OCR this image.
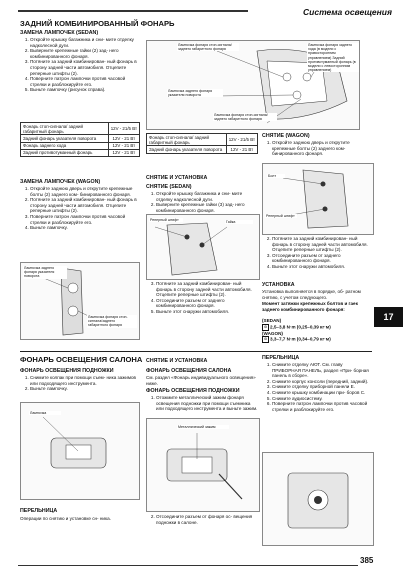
Система освещения
ЗАДНИЙ КОМБИНИРОВАННЫЙ ФОНАРЬ
ЗАМЕНА ЛАМПОЧЕК (SEDAN)
1. Откройте крышку багажника и сни- мите отделку надколесной дуги.
2. Выверните крепежные гайки (2) зад- него комбинированного фонаря.
3. Потяните за задний комбинирован- ный фонарь в сторону задней части автомобиля. Отцепите реперные штифты (2).
4. Поверните патрон лампочки против часовой стрелки и разблокируйте его.
5. Выньте лампочку (рисунок справа).
Фонарь стоп-сигнала/ задний габаритный фонарь	12V - 21/5 Вт
Задний фонарь указателя поворота	12V - 21 Вт
Фонарь заднего хода	12V - 21 Вт
Задний противотуманный фонарь	12V - 21 Вт
ЗАМЕНА ЛАМПОЧЕК (WAGON)
1. Откройте заднюю дверь и открутите крепежные болты (2) заднего ком- бинированного фонаря.
2. Потяните за задний комбинирован- ный фонарь в сторону задней части автомобиля. Отцепите реперные штифты (2).
3. Поверните патрон лампочки против часовой стрелки и разблокируйте его.
4. Выньте лампочку.
Лампочка заднего фонаря указателя поворота
Лампочка фонаря стоп-сигнала/заднего габаритного фонаря
Лампочка фонаря стоп-сигнала/ заднего габаритного фонаря
Лампочка фонаря заднего хода (в модели с правосторонним управлением) Задний противотуманный фонарь (в модели с левосторонним управлением)
Лампочка заднего фонаря указателя поворота
Лампочка фонаря стоп-сигнала/ заднего габаритного фонаря
Фонарь стоп-сигнала/ задний габаритный фонарь	12V - 21/5 Вт
Задний фонарь указателя поворота	12V - 21 Вт
СНЯТИЕ И УСТАНОВКА
СНЯТИЕ (SEDAN)
1. Откройте крышку багажника и сни- мите отделку надколесной дуги.
2. Выверните крепежные гайки (3) зад- него комбинированного фонаря.
Реперный штифт	Гайка
3. Потяните за задний комбинирован- ный фонарь в сторону задней части автомобиля. Отцепите реперные штифты (2).
4. Отсоедините разъем от заднего комбинированного фонаря.
5. Выньте этот снаружи автомобиля.
СНЯТИЕ (WAGON)
1. Откройте заднюю дверь и открутите крепежные болты (2) заднего ком- бинированного фонаря.
Болт
Реперный штифт
2. Потяните за задний комбинирован- ный фонарь в сторону задней части автомобиля. Отцепите реперные штифты (2).
3. Отсоедините разъем от заднего комбинированного фонаря.
4. Выньте этот снаружи автомобиля.
УСТАНОВКА
Установка выполняется в порядке, об- ратном снятию, с учетом следующего.
Момент затяжки крепежных болтов и гаек заднего комбинированного фонаря:
(SEDAN)
⚙ 2,5–3,8 N·m (0,25–0,39 кг·м)
(WAGON)
⚙ 3,3–7,7 N·m (0,34–0,79 кг·м)
17
ФОНАРЬ ОСВЕЩЕНИЯ САЛОНА
ФОНАРЬ ОСВЕЩЕНИЯ ПОДНОЖКИ
1. Снимите колпак при помощи съем- ника зажимов или подходящего инструмента.
2. Выньте лампочку.
Лампочка
ПЕРЕЛЬНИЦА
Операции по снятию и установке сн- ника.
СНЯТИЕ И УСТАНОВКА
ФОНАРЬ ОСВЕЩЕНИЯ САЛОНА
См. раздел «Фонарь индивидуального освещения» ниже.
ФОНАРЬ ОСВЕЩЕНИЯ ПОДНОЖКИ
1. Отожмите металлический зажим фонаря освещения подножки при помощи съемника или подходящего инструмента и выньте зажим.
Металлический зажим
2. Отсоедините разъем от фонаря ос- вещения подножки в салоне.
ПЕРЕЛЬНИЦА
1. Снимите отделку АЮТ. См. главу ПРИБОРНАЯ ПАНЕЛЬ, раздел «При- борная панель в сборе».
2. Снимите корпус консоли (передний, задний).
3. Снимите отделку приборной панели Е.
4. Снимите крышку комбинации при- боров С.
5. Снимите аудиосистему.
6. Поверните патрон лампочки против часовой стрелки и разблокируйте его.
385
